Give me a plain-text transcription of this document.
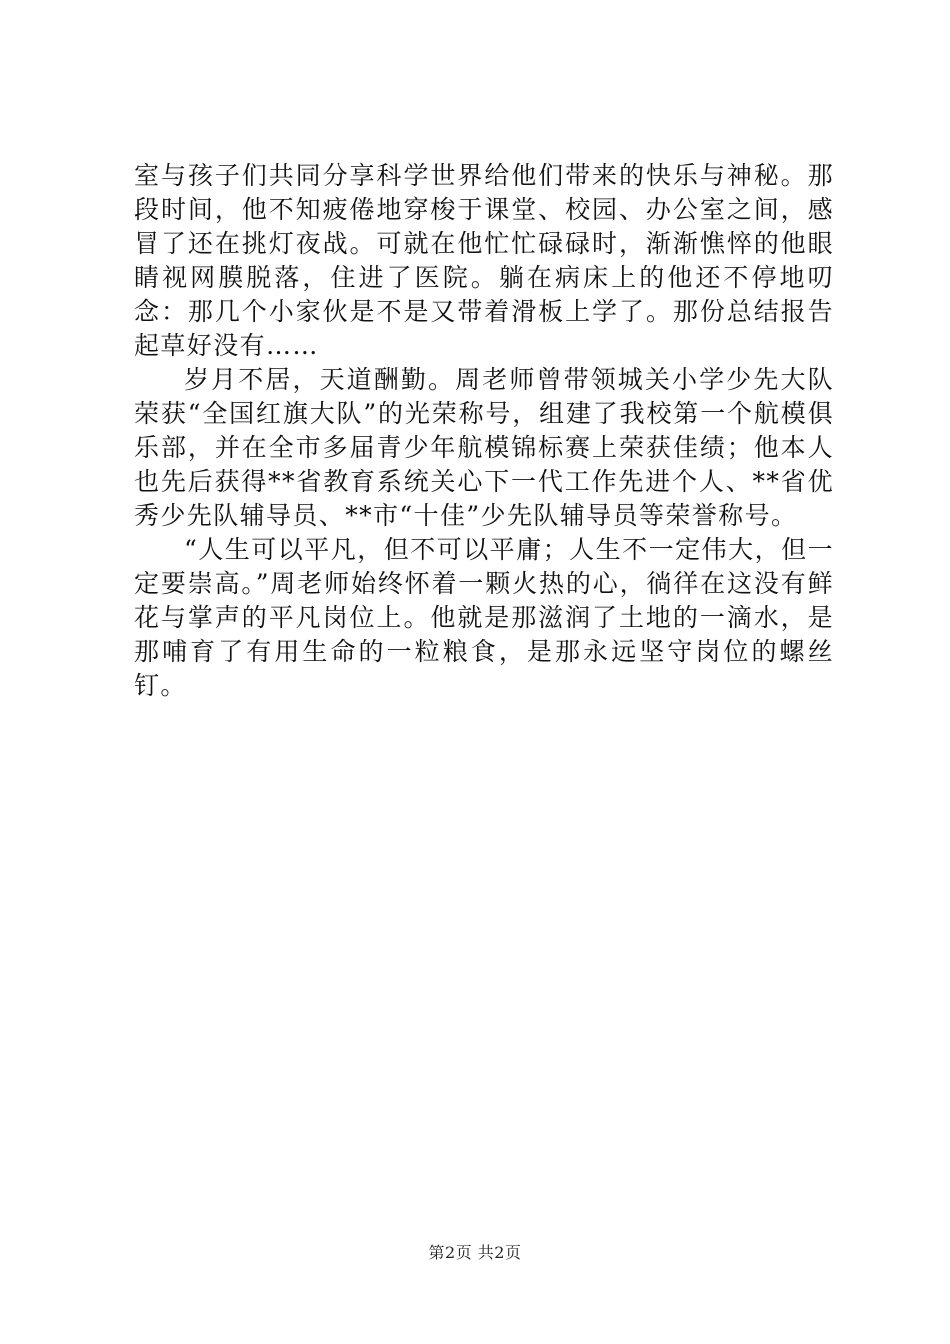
室与孩子们共同分享科学世界给他们带来的快乐与神秘。那段时间，他不知疲倦地穿梭于课堂、校园、办公室之间，感冒了还在挑灯夜战。可就在他忙忙碌碌时，渐渐憔悴的他眼睛视网膜脱落，住进了医院。躺在病床上的他还不停地叨念：那几个小家伙是不是又带着滑板上学了。那份总结报告起草好没有……

岁月不居，天道酬勤。周老师曾带领城关小学少先大队荣获“全国红旗大队”的光荣称号，组建了我校第一个航模俱乐部，并在全市多届青少年航模锦标赛上荣获佳绩；他本人也先后获得**省教育系统关心下一代工作先进个人、**省优秀少先队辅导员、**市“十佳”少先队辅导员等荣誉称号。

“人生可以平凡，但不可以平庸；人生不一定伟大，但一定要崇高。”周老师始终怀着一颗火热的心，徜徉在这没有鲜花与掌声的平凡岗位上。他就是那滋润了土地的一滴水，是那哺育了有用生命的一粒粮食，是那永远坚守岗位的螺丝钉。

第2页 共2页
